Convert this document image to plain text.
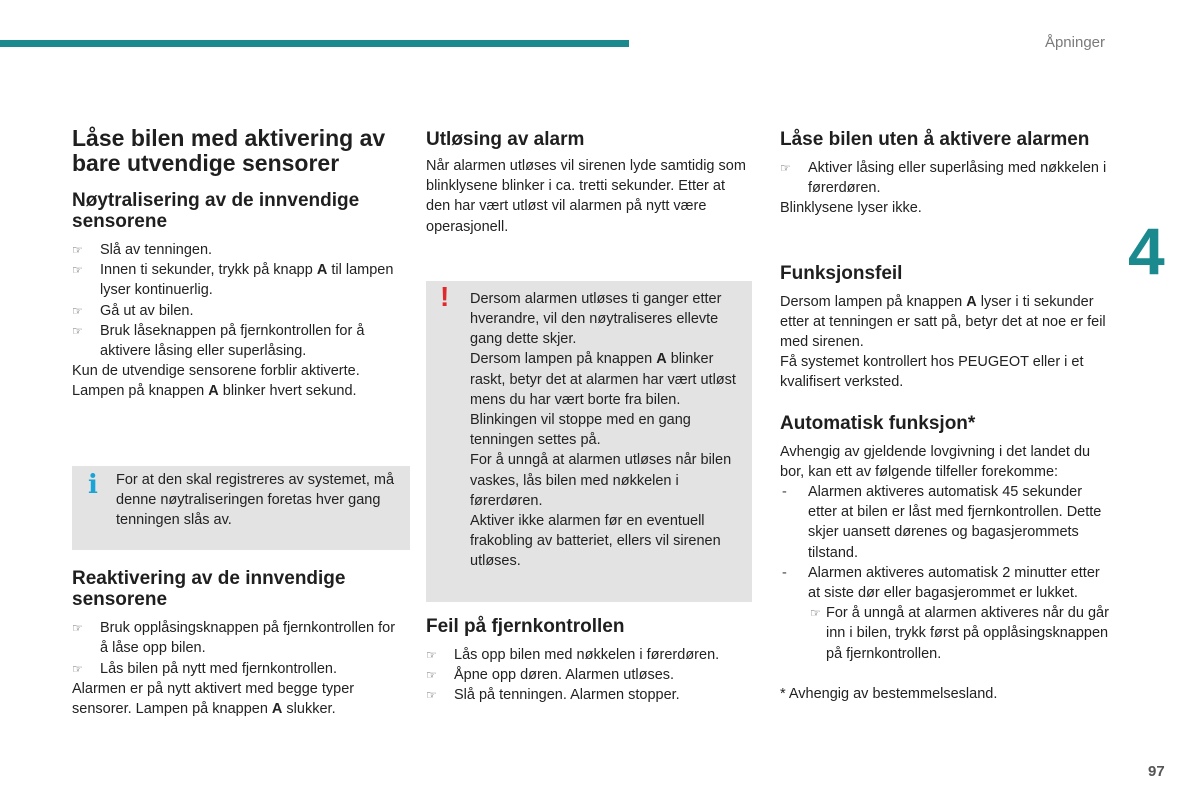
Åpninger
4
97
Låse bilen med aktivering av bare utvendige sensorer
Nøytralisering av de innvendige sensorene
☞	Slå av tenningen.
☞	Innen ti sekunder, trykk på knapp A til lampen lyser kontinuerlig.
☞	Gå ut av bilen.
☞	Bruk låseknappen på fjernkontrollen for å aktivere låsing eller superlåsing.

Kun de utvendige sensorene forblir aktiverte.

Lampen på knappen A blinker hvert sekund.

i For at den skal registreres av systemet, må denne nøytraliseringen foretas hver gang tenningen slås av.

Reaktivering av de innvendige sensorene
☞	Bruk opplåsingsknappen på fjernkontrollen for å låse opp bilen.
☞	Lås bilen på nytt med fjernkontrollen.

Alarmen er på nytt aktivert med begge typer sensorer. Lampen på knappen A slukker.

Utløsing av alarm

Når alarmen utløses vil sirenen lyde samtidig som blinklysene blinker i ca. tretti sekunder. Etter at den har vært utløst vil alarmen på nytt være operasjonell.

! Dersom alarmen utløses ti ganger etter hverandre, vil den nøytraliseres ellevte gang dette skjer.

Dersom lampen på knappen A blinker raskt, betyr det at alarmen har vært utløst mens du har vært borte fra bilen. Blinkingen vil stoppe med en gang tenningen settes på.

For å unngå at alarmen utløses når bilen vaskes, lås bilen med nøkkelen i førerdøren.

Aktiver ikke alarmen før en eventuell frakobling av batteriet, ellers vil sirenen utløses.

Feil på fjernkontrollen
☞	Lås opp bilen med nøkkelen i førerdøren.
☞	Åpne opp døren. Alarmen utløses.
☞	Slå på tenningen. Alarmen stopper.
Låse bilen uten å aktivere alarmen
☞	Aktiver låsing eller superlåsing med nøkkelen i førerdøren.

Blinklysene lyser ikke.

Funksjonsfeil

Dersom lampen på knappen A lyser i ti sekunder etter at tenningen er satt på, betyr det at noe er feil med sirenen.

Få systemet kontrollert hos PEUGEOT eller i et kvalifisert verksted.

Automatisk funksjon*

Avhengig av gjeldende lovgivning i det landet du bor, kan ett av følgende tilfeller forekomme:

-	Alarmen aktiveres automatisk 45 sekunder etter at bilen er låst med fjernkontrollen. Dette skjer uansett dørenes og bagasjerommets tilstand.
-	Alarmen aktiveres automatisk 2 minutter etter at siste dør eller bagasjerommet er lukket.
☞ For å unngå at alarmen aktiveres når du går inn i bilen, trykk først på opplåsingsknappen på fjernkontrollen.

* Avhengig av bestemmelsesland.
